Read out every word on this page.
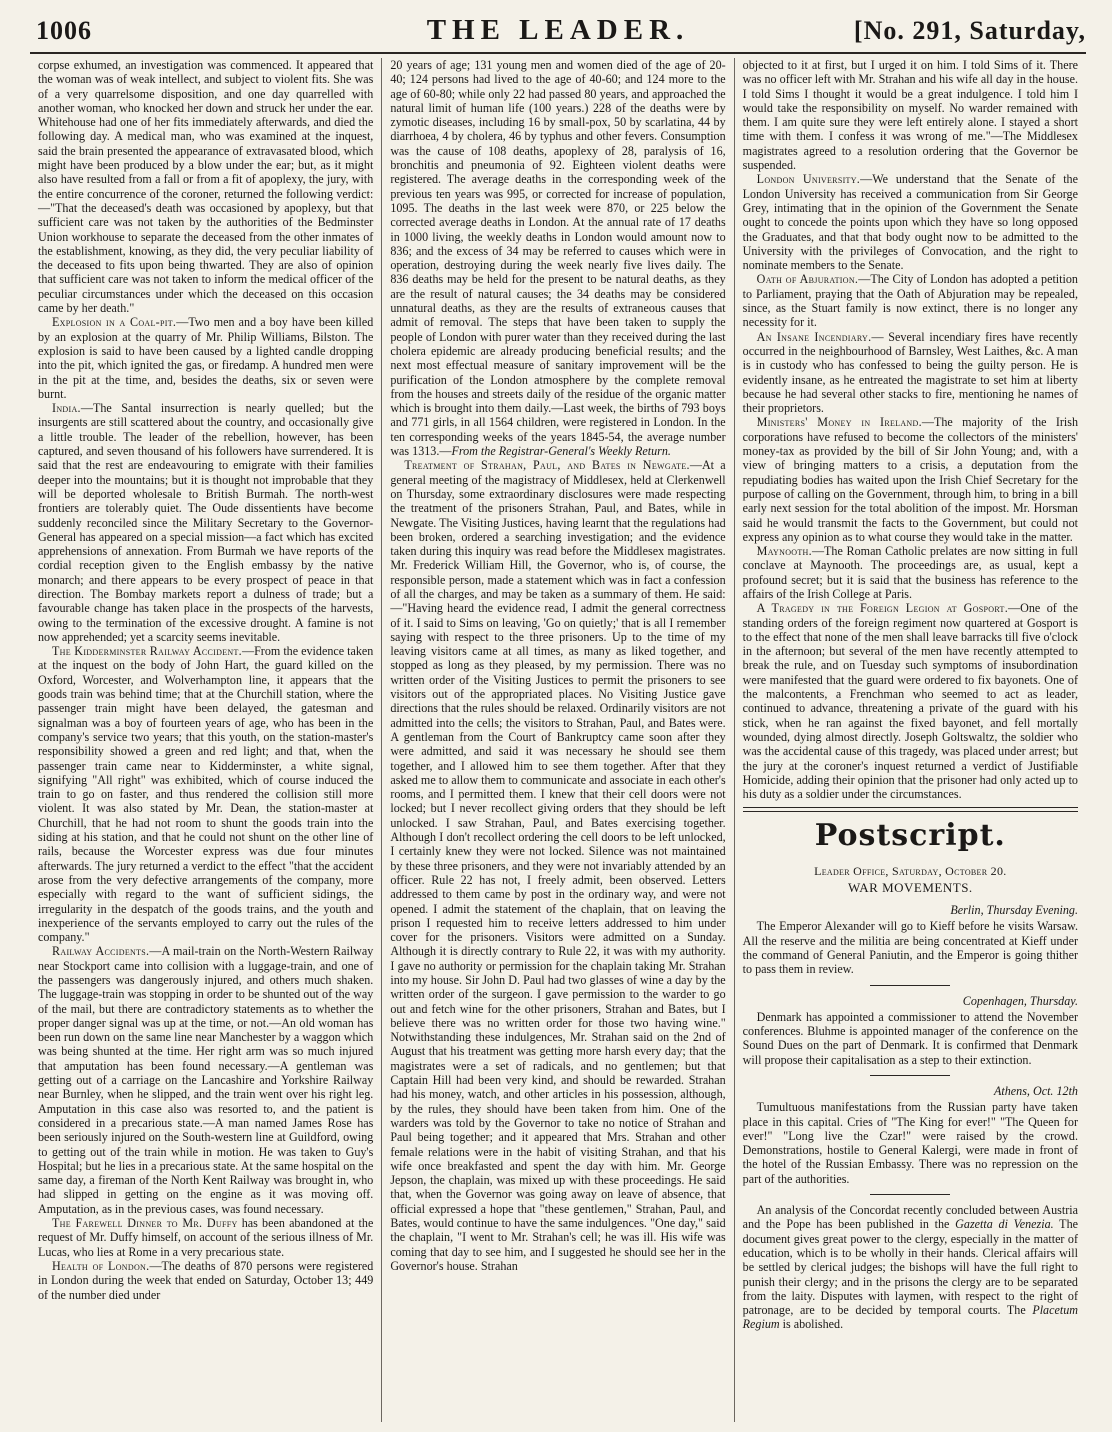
1006	THE LEADER.	[No. 291, Saturday,

corpse exhumed, an investigation was commenced. It appeared that the woman was of weak intellect, and subject to violent fits. She was of a very quarrelsome disposition, and one day quarrelled with another woman, who knocked her down and struck her under the ear. Whitehouse had one of her fits immediately afterwards, and died the following day. A medical man, who was examined at the inquest, said the brain presented the appearance of extravasated blood, which might have been produced by a blow under the ear; but, as it might also have resulted from a fall or from a fit of apoplexy, the jury, with the entire concurrence of the coroner, returned the following verdict:—"That the deceased's death was occasioned by apoplexy, but that sufficient care was not taken by the authorities of the Bedminster Union workhouse to separate the deceased from the other inmates of the establishment, knowing, as they did, the very peculiar liability of the deceased to fits upon being thwarted. They are also of opinion that sufficient care was not taken to inform the medical officer of the peculiar circumstances under which the deceased on this occasion came by her death."

Explosion in a Coal-pit.—Two men and a boy have been killed by an explosion at the quarry of Mr. Philip Williams, Bilston. The explosion is said to have been caused by a lighted candle dropping into the pit, which ignited the gas, or firedamp. A hundred men were in the pit at the time, and, besides the deaths, six or seven were burnt.

India.—The Santal insurrection is nearly quelled; but the insurgents are still scattered about the country, and occasionally give a little trouble. The leader of the rebellion, however, has been captured, and seven thousand of his followers have surrendered. It is said that the rest are endeavouring to emigrate with their families deeper into the mountains; but it is thought not improbable that they will be deported wholesale to British Burmah. The north-west frontiers are tolerably quiet. The Oude dissentients have become suddenly reconciled since the Military Secretary to the Governor-General has appeared on a special mission—a fact which has excited apprehensions of annexation. From Burmah we have reports of the cordial reception given to the English embassy by the native monarch; and there appears to be every prospect of peace in that direction. The Bombay markets report a dulness of trade; but a favourable change has taken place in the prospects of the harvests, owing to the termination of the excessive drought. A famine is not now apprehended; yet a scarcity seems inevitable.

The Kidderminster Railway Accident.—From the evidence taken at the inquest on the body of John Hart, the guard killed on the Oxford, Worcester, and Wolverhampton line, it appears that the goods train was behind time; that at the Churchill station, where the passenger train might have been delayed, the gatesman and signalman was a boy of fourteen years of age, who has been in the company's service two years; that this youth, on the station-master's responsibility showed a green and red light; and that, when the passenger train came near to Kidderminster, a white signal, signifying "All right" was exhibited, which of course induced the train to go on faster, and thus rendered the collision still more violent. It was also stated by Mr. Dean, the station-master at Churchill, that he had not room to shunt the goods train into the siding at his station, and that he could not shunt on the other line of rails, because the Worcester express was due four minutes afterwards. The jury returned a verdict to the effect "that the accident arose from the very defective arrangements of the company, more especially with regard to the want of sufficient sidings, the irregularity in the despatch of the goods trains, and the youth and inexperience of the servants employed to carry out the rules of the company."

Railway Accidents.—A mail-train on the North-Western Railway near Stockport came into collision with a luggage-train, and one of the passengers was dangerously injured, and others much shaken. The luggage-train was stopping in order to be shunted out of the way of the mail, but there are contradictory statements as to whether the proper danger signal was up at the time, or not.—An old woman has been run down on the same line near Manchester by a waggon which was being shunted at the time. Her right arm was so much injured that amputation has been found necessary.—A gentleman was getting out of a carriage on the Lancashire and Yorkshire Railway near Burnley, when he slipped, and the train went over his right leg. Amputation in this case also was resorted to, and the patient is considered in a precarious state.—A man named James Rose has been seriously injured on the South-western line at Guildford, owing to getting out of the train while in motion. He was taken to Guy's Hospital; but he lies in a precarious state. At the same hospital on the same day, a fireman of the North Kent Railway was brought in, who had slipped in getting on the engine as it was moving off. Amputation, as in the previous cases, was found necessary.

The Farewell Dinner to Mr. Duffy has been abandoned at the request of Mr. Duffy himself, on account of the serious illness of Mr. Lucas, who lies at Rome in a very precarious state.

Health of London.—The deaths of 870 persons were registered in London during the week that ended on Saturday, October 13; 449 of the number died under

20 years of age; 131 young men and women died of the age of 20-40; 124 persons had lived to the age of 40-60; and 124 more to the age of 60-80; while only 22 had passed 80 years, and approached the natural limit of human life (100 years.) 228 of the deaths were by zymotic diseases, including 16 by small-pox, 50 by scarlatina, 44 by diarrhoea, 4 by cholera, 46 by typhus and other fevers. Consumption was the cause of 108 deaths, apoplexy of 28, paralysis of 16, bronchitis and pneumonia of 92. Eighteen violent deaths were registered. The average deaths in the corresponding week of the previous ten years was 995, or corrected for increase of population, 1095. The deaths in the last week were 870, or 225 below the corrected average deaths in London. At the annual rate of 17 deaths in 1000 living, the weekly deaths in London would amount now to 836; and the excess of 34 may be referred to causes which were in operation, destroying during the week nearly five lives daily. The 836 deaths may be held for the present to be natural deaths, as they are the result of natural causes; the 34 deaths may be considered unnatural deaths, as they are the results of extraneous causes that admit of removal. The steps that have been taken to supply the people of London with purer water than they received during the last cholera epidemic are already producing beneficial results; and the next most effectual measure of sanitary improvement will be the purification of the London atmosphere by the complete removal from the houses and streets daily of the residue of the organic matter which is brought into them daily.—Last week, the births of 793 boys and 771 girls, in all 1564 children, were registered in London. In the ten corresponding weeks of the years 1845-54, the average number was 1313.—From the Registrar-General's Weekly Return.

Treatment of Strahan, Paul, and Bates in Newgate.—At a general meeting of the magistracy of Middlesex, held at Clerkenwell on Thursday, some extraordinary disclosures were made respecting the treatment of the prisoners Strahan, Paul, and Bates, while in Newgate. The Visiting Justices, having learnt that the regulations had been broken, ordered a searching investigation; and the evidence taken during this inquiry was read before the Middlesex magistrates. Mr. Frederick William Hill, the Governor, who is, of course, the responsible person, made a statement which was in fact a confession of all the charges, and may be taken as a summary of them. He said:—"Having heard the evidence read, I admit the general correctness of it. I said to Sims on leaving, 'Go on quietly;' that is all I remember saying with respect to the three prisoners. Up to the time of my leaving visitors came at all times, as many as liked together, and stopped as long as they pleased, by my permission. There was no written order of the Visiting Justices to permit the prisoners to see visitors out of the appropriated places. No Visiting Justice gave directions that the rules should be relaxed. Ordinarily visitors are not admitted into the cells; the visitors to Strahan, Paul, and Bates were. A gentleman from the Court of Bankruptcy came soon after they were admitted, and said it was necessary he should see them together, and I allowed him to see them together. After that they asked me to allow them to communicate and associate in each other's rooms, and I permitted them. I knew that their cell doors were not locked; but I never recollect giving orders that they should be left unlocked. I saw Strahan, Paul, and Bates exercising together. Although I don't recollect ordering the cell doors to be left unlocked, I certainly knew they were not locked. Silence was not maintained by these three prisoners, and they were not invariably attended by an officer. Rule 22 has not, I freely admit, been observed. Letters addressed to them came by post in the ordinary way, and were not opened. I admit the statement of the chaplain, that on leaving the prison I requested him to receive letters addressed to him under cover for the prisoners. Visitors were admitted on a Sunday. Although it is directly contrary to Rule 22, it was with my authority. I gave no authority or permission for the chaplain taking Mr. Strahan into my house. Sir John D. Paul had two glasses of wine a day by the written order of the surgeon. I gave permission to the warder to go out and fetch wine for the other prisoners, Strahan and Bates, but I believe there was no written order for those two having wine." Notwithstanding these indulgences, Mr. Strahan said on the 2nd of August that his treatment was getting more harsh every day; that the magistrates were a set of radicals, and no gentlemen; but that Captain Hill had been very kind, and should be rewarded. Strahan had his money, watch, and other articles in his possession, although, by the rules, they should have been taken from him. One of the warders was told by the Governor to take no notice of Strahan and Paul being together; and it appeared that Mrs. Strahan and other female relations were in the habit of visiting Strahan, and that his wife once breakfasted and spent the day with him. Mr. George Jepson, the chaplain, was mixed up with these proceedings. He said that, when the Governor was going away on leave of absence, that official expressed a hope that "these gentlemen," Strahan, Paul, and Bates, would continue to have the same indulgences. "One day," said the chaplain, "I went to Mr. Strahan's cell; he was ill. His wife was coming that day to see him, and I suggested he should see her in the Governor's house. Strahan

objected to it at first, but I urged it on him. I told Sims of it. There was no officer left with Mr. Strahan and his wife all day in the house. I told Sims I thought it would be a great indulgence. I told him I would take the responsibility on myself. No warder remained with them. I am quite sure they were left entirely alone. I stayed a short time with them. I confess it was wrong of me."—The Middlesex magistrates agreed to a resolution ordering that the Governor be suspended.

London University.—We understand that the Senate of the London University has received a communication from Sir George Grey, intimating that in the opinion of the Government the Senate ought to concede the points upon which they have so long opposed the Graduates, and that that body ought now to be admitted to the University with the privileges of Convocation, and the right to nominate members to the Senate.

Oath of Abjuration.—The City of London has adopted a petition to Parliament, praying that the Oath of Abjuration may be repealed, since, as the Stuart family is now extinct, there is no longer any necessity for it.

An Insane Incendiary.— Several incendiary fires have recently occurred in the neighbourhood of Barnsley, West Laithes, &c. A man is in custody who has confessed to being the guilty person. He is evidently insane, as he entreated the magistrate to set him at liberty because he had several other stacks to fire, mentioning he names of their proprietors.

Ministers' Money in Ireland.—The majority of the Irish corporations have refused to become the collectors of the ministers' money-tax as provided by the bill of Sir John Young; and, with a view of bringing matters to a crisis, a deputation from the repudiating bodies has waited upon the Irish Chief Secretary for the purpose of calling on the Government, through him, to bring in a bill early next session for the total abolition of the impost. Mr. Horsman said he would transmit the facts to the Government, but could not express any opinion as to what course they would take in the matter.

Maynooth.—The Roman Catholic prelates are now sitting in full conclave at Maynooth. The proceedings are, as usual, kept a profound secret; but it is said that the business has reference to the affairs of the Irish College at Paris.

A Tragedy in the Foreign Legion at Gosport.—One of the standing orders of the foreign regiment now quartered at Gosport is to the effect that none of the men shall leave barracks till five o'clock in the afternoon; but several of the men have recently attempted to break the rule, and on Tuesday such symptoms of insubordination were manifested that the guard were ordered to fix bayonets. One of the malcontents, a Frenchman who seemed to act as leader, continued to advance, threatening a private of the guard with his stick, when he ran against the fixed bayonet, and fell mortally wounded, dying almost directly. Joseph Goltswaltz, the soldier who was the accidental cause of this tragedy, was placed under arrest; but the jury at the coroner's inquest returned a verdict of Justifiable Homicide, adding their opinion that the prisoner had only acted up to his duty as a soldier under the circumstances.

Postscript.
Leader Office, Saturday, October 20.
WAR MOVEMENTS.
Berlin, Thursday Evening.

The Emperor Alexander will go to Kieff before he visits Warsaw. All the reserve and the militia are being concentrated at Kieff under the command of General Paniutin, and the Emperor is going thither to pass them in review.

Copenhagen, Thursday.

Denmark has appointed a commissioner to attend the November conferences. Bluhme is appointed manager of the conference on the Sound Dues on the part of Denmark. It is confirmed that Denmark will propose their capitalisation as a step to their extinction.

Athens, Oct. 12th

Tumultuous manifestations from the Russian party have taken place in this capital. Cries of "The King for ever!" "The Queen for ever!" "Long live the Czar!" were raised by the crowd. Demonstrations, hostile to General Kalergi, were made in front of the hotel of the Russian Embassy. There was no repression on the part of the authorities.

An analysis of the Concordat recently concluded between Austria and the Pope has been published in the Gazetta di Venezia. The document gives great power to the clergy, especially in the matter of education, which is to be wholly in their hands. Clerical affairs will be settled by clerical judges; the bishops will have the full right to punish their clergy; and in the prisons the clergy are to be separated from the laity. Disputes with laymen, with respect to the right of patronage, are to be decided by temporal courts. The Placetum Regium is abolished.
